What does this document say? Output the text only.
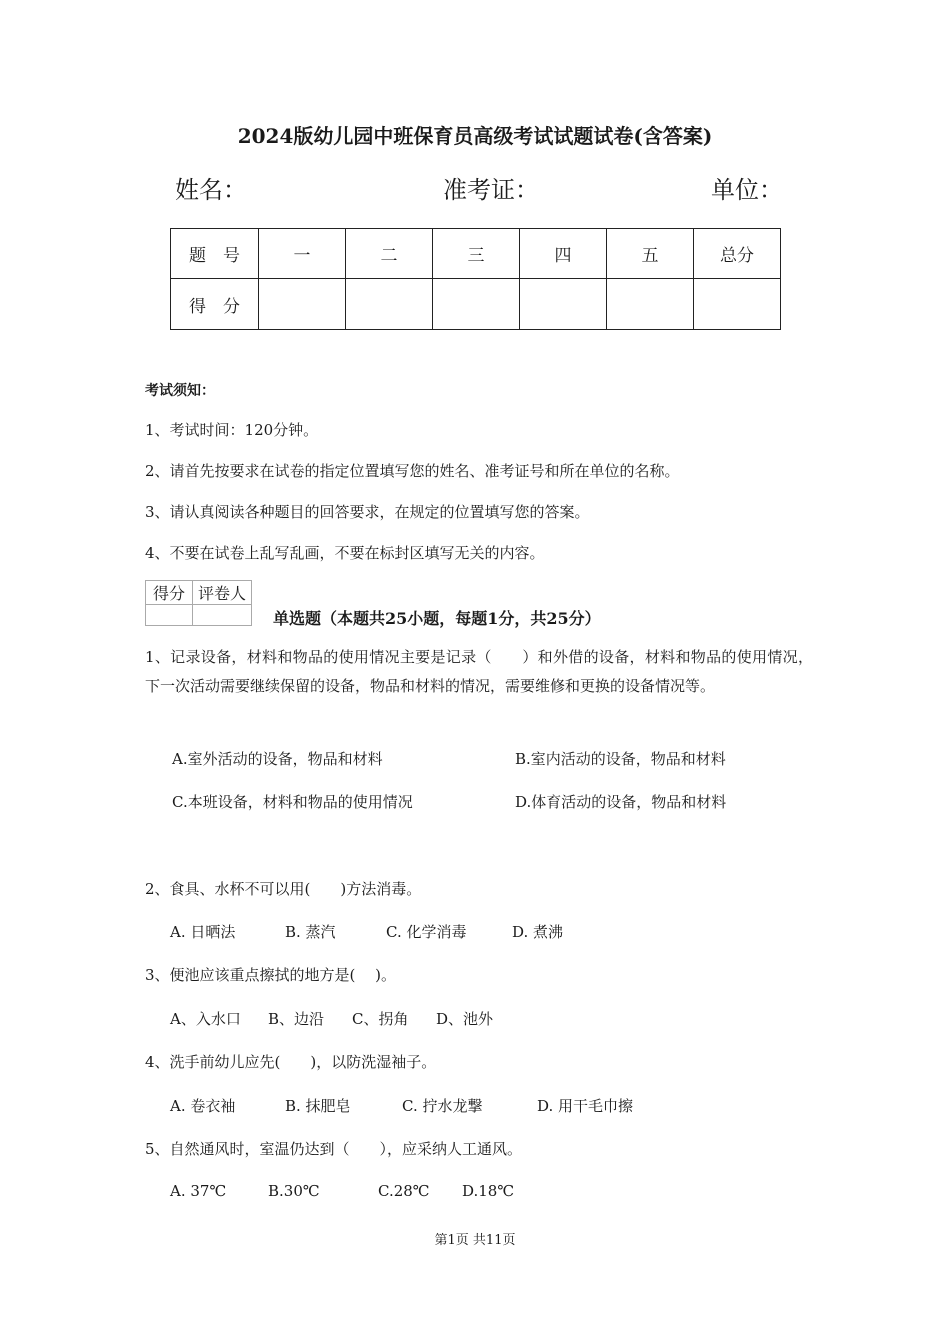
2024版幼儿园中班保育员高级考试试题试卷(含答案)
姓名：	准考证：	单位：
题　号	一	二	三	四	五	总分
得　分						
考试须知：
1、考试时间：120分钟。
2、请首先按要求在试卷的指定位置填写您的姓名、准考证号和所在单位的名称。
3、请认真阅读各种题目的回答要求，在规定的位置填写您的答案。
4、不要在试卷上乱写乱画，不要在标封区填写无关的内容。
得分	评卷人

单选题（本题共25小题，每题1分，共25分）
1、记录设备，材料和物品的使用情况主要是记录（　　）和外借的设备，材料和物品的使用情况，下一次活动需要继续保留的设备，物品和材料的情况，需要维修和更换的设备情况等。
A.室外活动的设备，物品和材料	B.室内活动的设备，物品和材料
C.本班设备，材料和物品的使用情况	D.体育活动的设备，物品和材料
2、食具、水杯不可以用(　　)方法消毒。
A. 日晒法	B. 蒸汽	C. 化学消毒	D. 煮沸
3、便池应该重点擦拭的地方是(　 )。
A、入水口 B、边沿 C、拐角 D、池外
4、洗手前幼儿应先(　　)，以防洗湿袖子。
A. 卷衣袖	B. 抹肥皂	C. 拧水龙撃	D. 用干毛巾擦
5、自然通风时，室温仍达到（　　），应采纳人工通风。
A. 37℃	B.30℃	C.28℃ D.18℃
第1页 共11页
